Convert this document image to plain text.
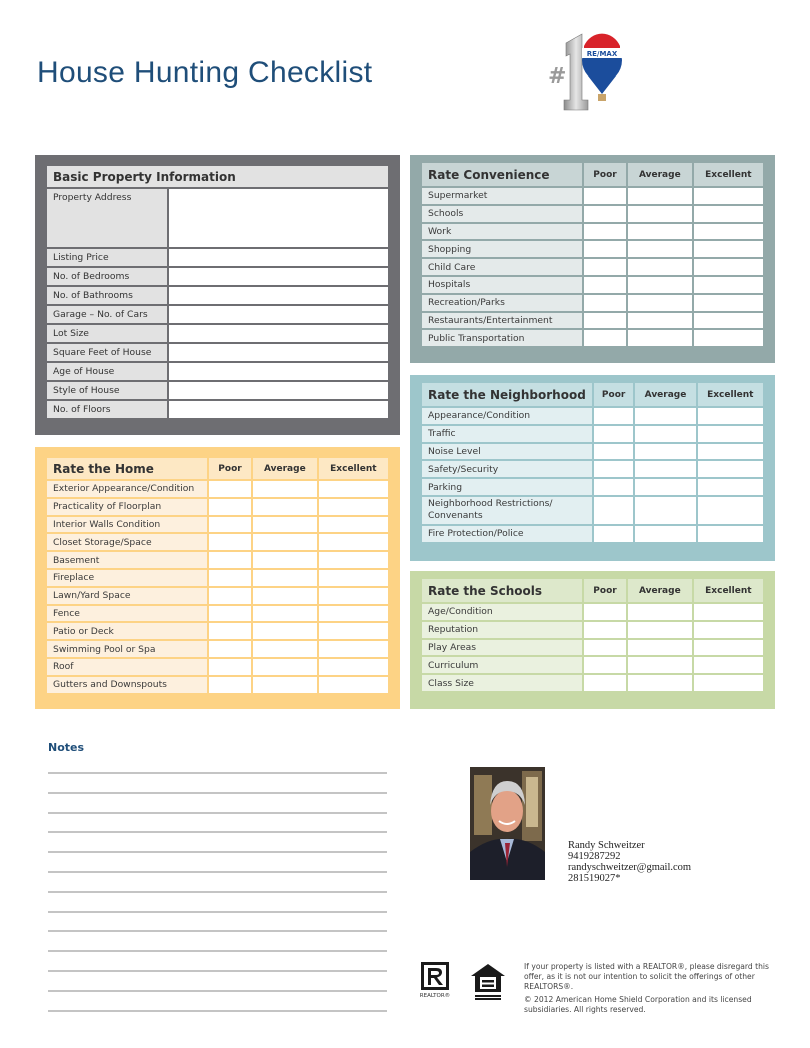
House Hunting Checklist	#
RE/MAX
Basic Property Information	
Property Address	
Listing Price	
No. of Bedrooms	
No. of Bathrooms	
Garage – No. of Cars	
Lot Size	
Square Feet of House	
Age of House	
Style of House	
No. of Floors	
Rate the Home	Poor	Average	Excellent
Exterior Appearance/Condition			
Practicality of Floorplan			
Interior Walls Condition			
Closet Storage/Space			
Basement			
Fireplace			
Lawn/Yard Space			
Fence			
Patio or Deck			
Swimming Pool or Spa			
Roof			
Gutters and Downspouts			
Rate Convenience	Poor	Average	Excellent
Supermarket			
Schools			
Work			
Shopping			
Child Care			
Hospitals			
Recreation/Parks			
Restaurants/Entertainment			
Public Transportation			
Rate the Neighborhood	Poor	Average	Excellent
Appearance/Condition			
Traffic			
Noise Level			
Safety/Security			
Parking			
Neighborhood Restrictions/ Convenants			
Fire Protection/Police			
Rate the Schools	Poor	Average	Excellent
Age/Condition			
Reputation			
Play Areas			
Curriculum			
Class Size			
Notes
Randy Schweitzer
9419287292
randyschweitzer@gmail.com
281519027*
REALTOR®

If your property is listed with a REALTOR®, please disregard this offer, as it is not our intention to solicit the offerings of other REALTORS®.

© 2012 American Home Shield Corporation and its licensed subsidiaries. All rights reserved.
